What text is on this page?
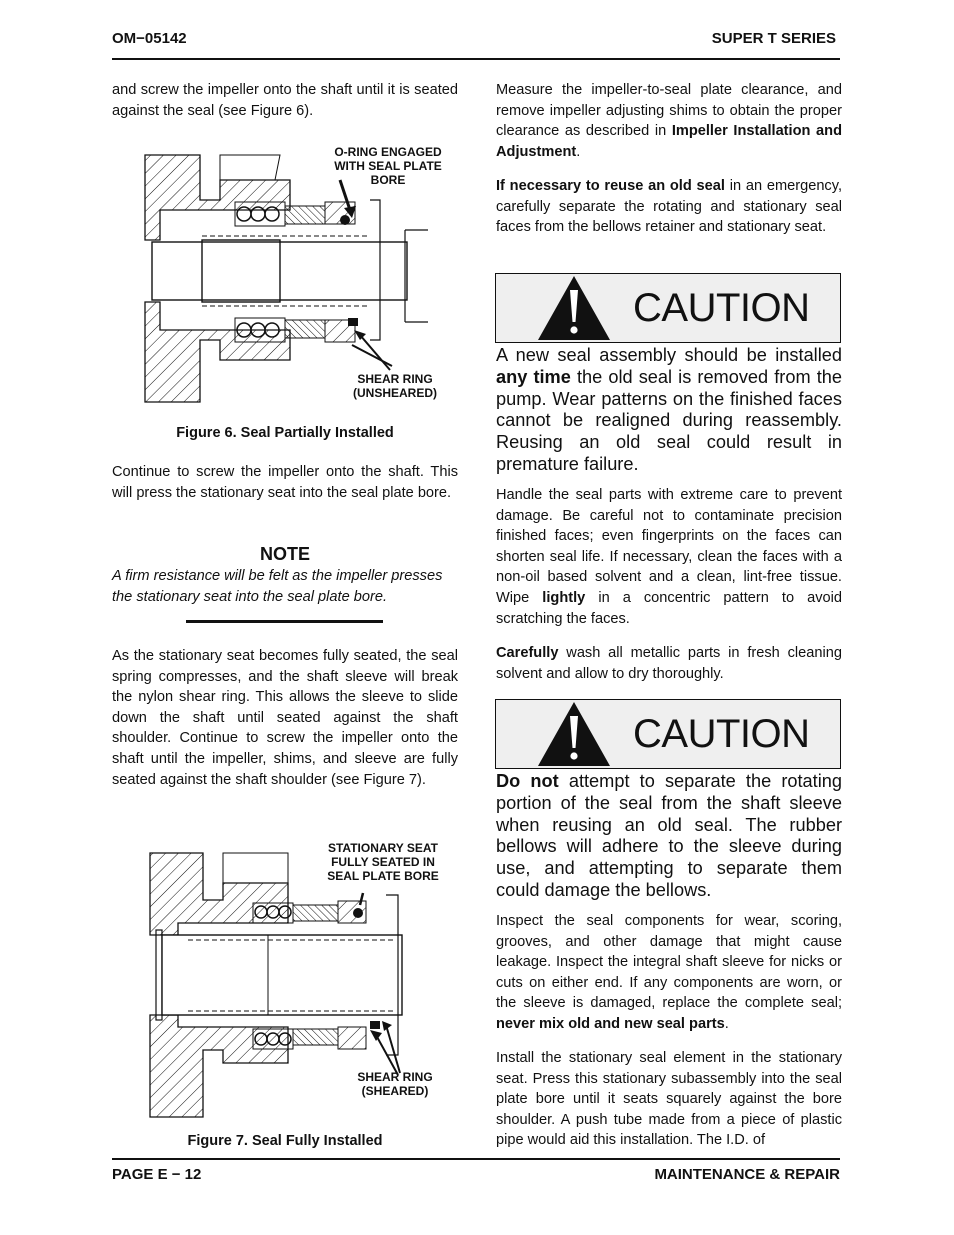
OM−05142	SUPER T SERIES

and screw the impeller onto the shaft until it is seated against the seal (see Figure 6).

O-RING ENGAGED WITH SEAL PLATE BORE
SHEAR RING (UNSHEARED)
Figure 6. Seal Partially Installed

Continue to screw the impeller onto the shaft. This will press the stationary seat into the seal plate bore.

NOTE

A firm resistance will be felt as the impeller presses the stationary seat into the seal plate bore.

As the stationary seat becomes fully seated, the seal spring compresses, and the shaft sleeve will break the nylon shear ring. This allows the sleeve to slide down the shaft until seated against the shaft shoulder. Continue to screw the impeller onto the shaft until the impeller, shims, and sleeve are fully seated against the shaft shoulder (see Figure 7).

STATIONARY SEAT FULLY SEATED IN SEAL PLATE BORE
SHEAR RING (SHEARED)
Figure 7. Seal Fully Installed

Measure the impeller-to-seal plate clearance, and remove impeller adjusting shims to obtain the proper clearance as described in Impeller Installation and Adjustment.

If necessary to reuse an old seal in an emergency, carefully separate the rotating and stationary seal faces from the bellows retainer and stationary seat.

CAUTION

A new seal assembly should be installed any time the old seal is removed from the pump. Wear patterns on the finished faces cannot be realigned during reassembly. Reusing an old seal could result in premature failure.

Handle the seal parts with extreme care to prevent damage. Be careful not to contaminate precision finished faces; even fingerprints on the faces can shorten seal life. If necessary, clean the faces with a non-oil based solvent and a clean, lint-free tissue. Wipe lightly in a concentric pattern to avoid scratching the faces.

Carefully wash all metallic parts in fresh cleaning solvent and allow to dry thoroughly.

CAUTION

Do not attempt to separate the rotating portion of the seal from the shaft sleeve when reusing an old seal. The rubber bellows will adhere to the sleeve during use, and attempting to separate them could damage the bellows.

Inspect the seal components for wear, scoring, grooves, and other damage that might cause leakage. Inspect the integral shaft sleeve for nicks or cuts on either end. If any components are worn, or the sleeve is damaged, replace the complete seal; never mix old and new seal parts.

Install the stationary seal element in the stationary seat. Press this stationary subassembly into the seal plate bore until it seats squarely against the bore shoulder. A push tube made from a piece of plastic pipe would aid this installation. The I.D. of

PAGE E − 12	MAINTENANCE & REPAIR
